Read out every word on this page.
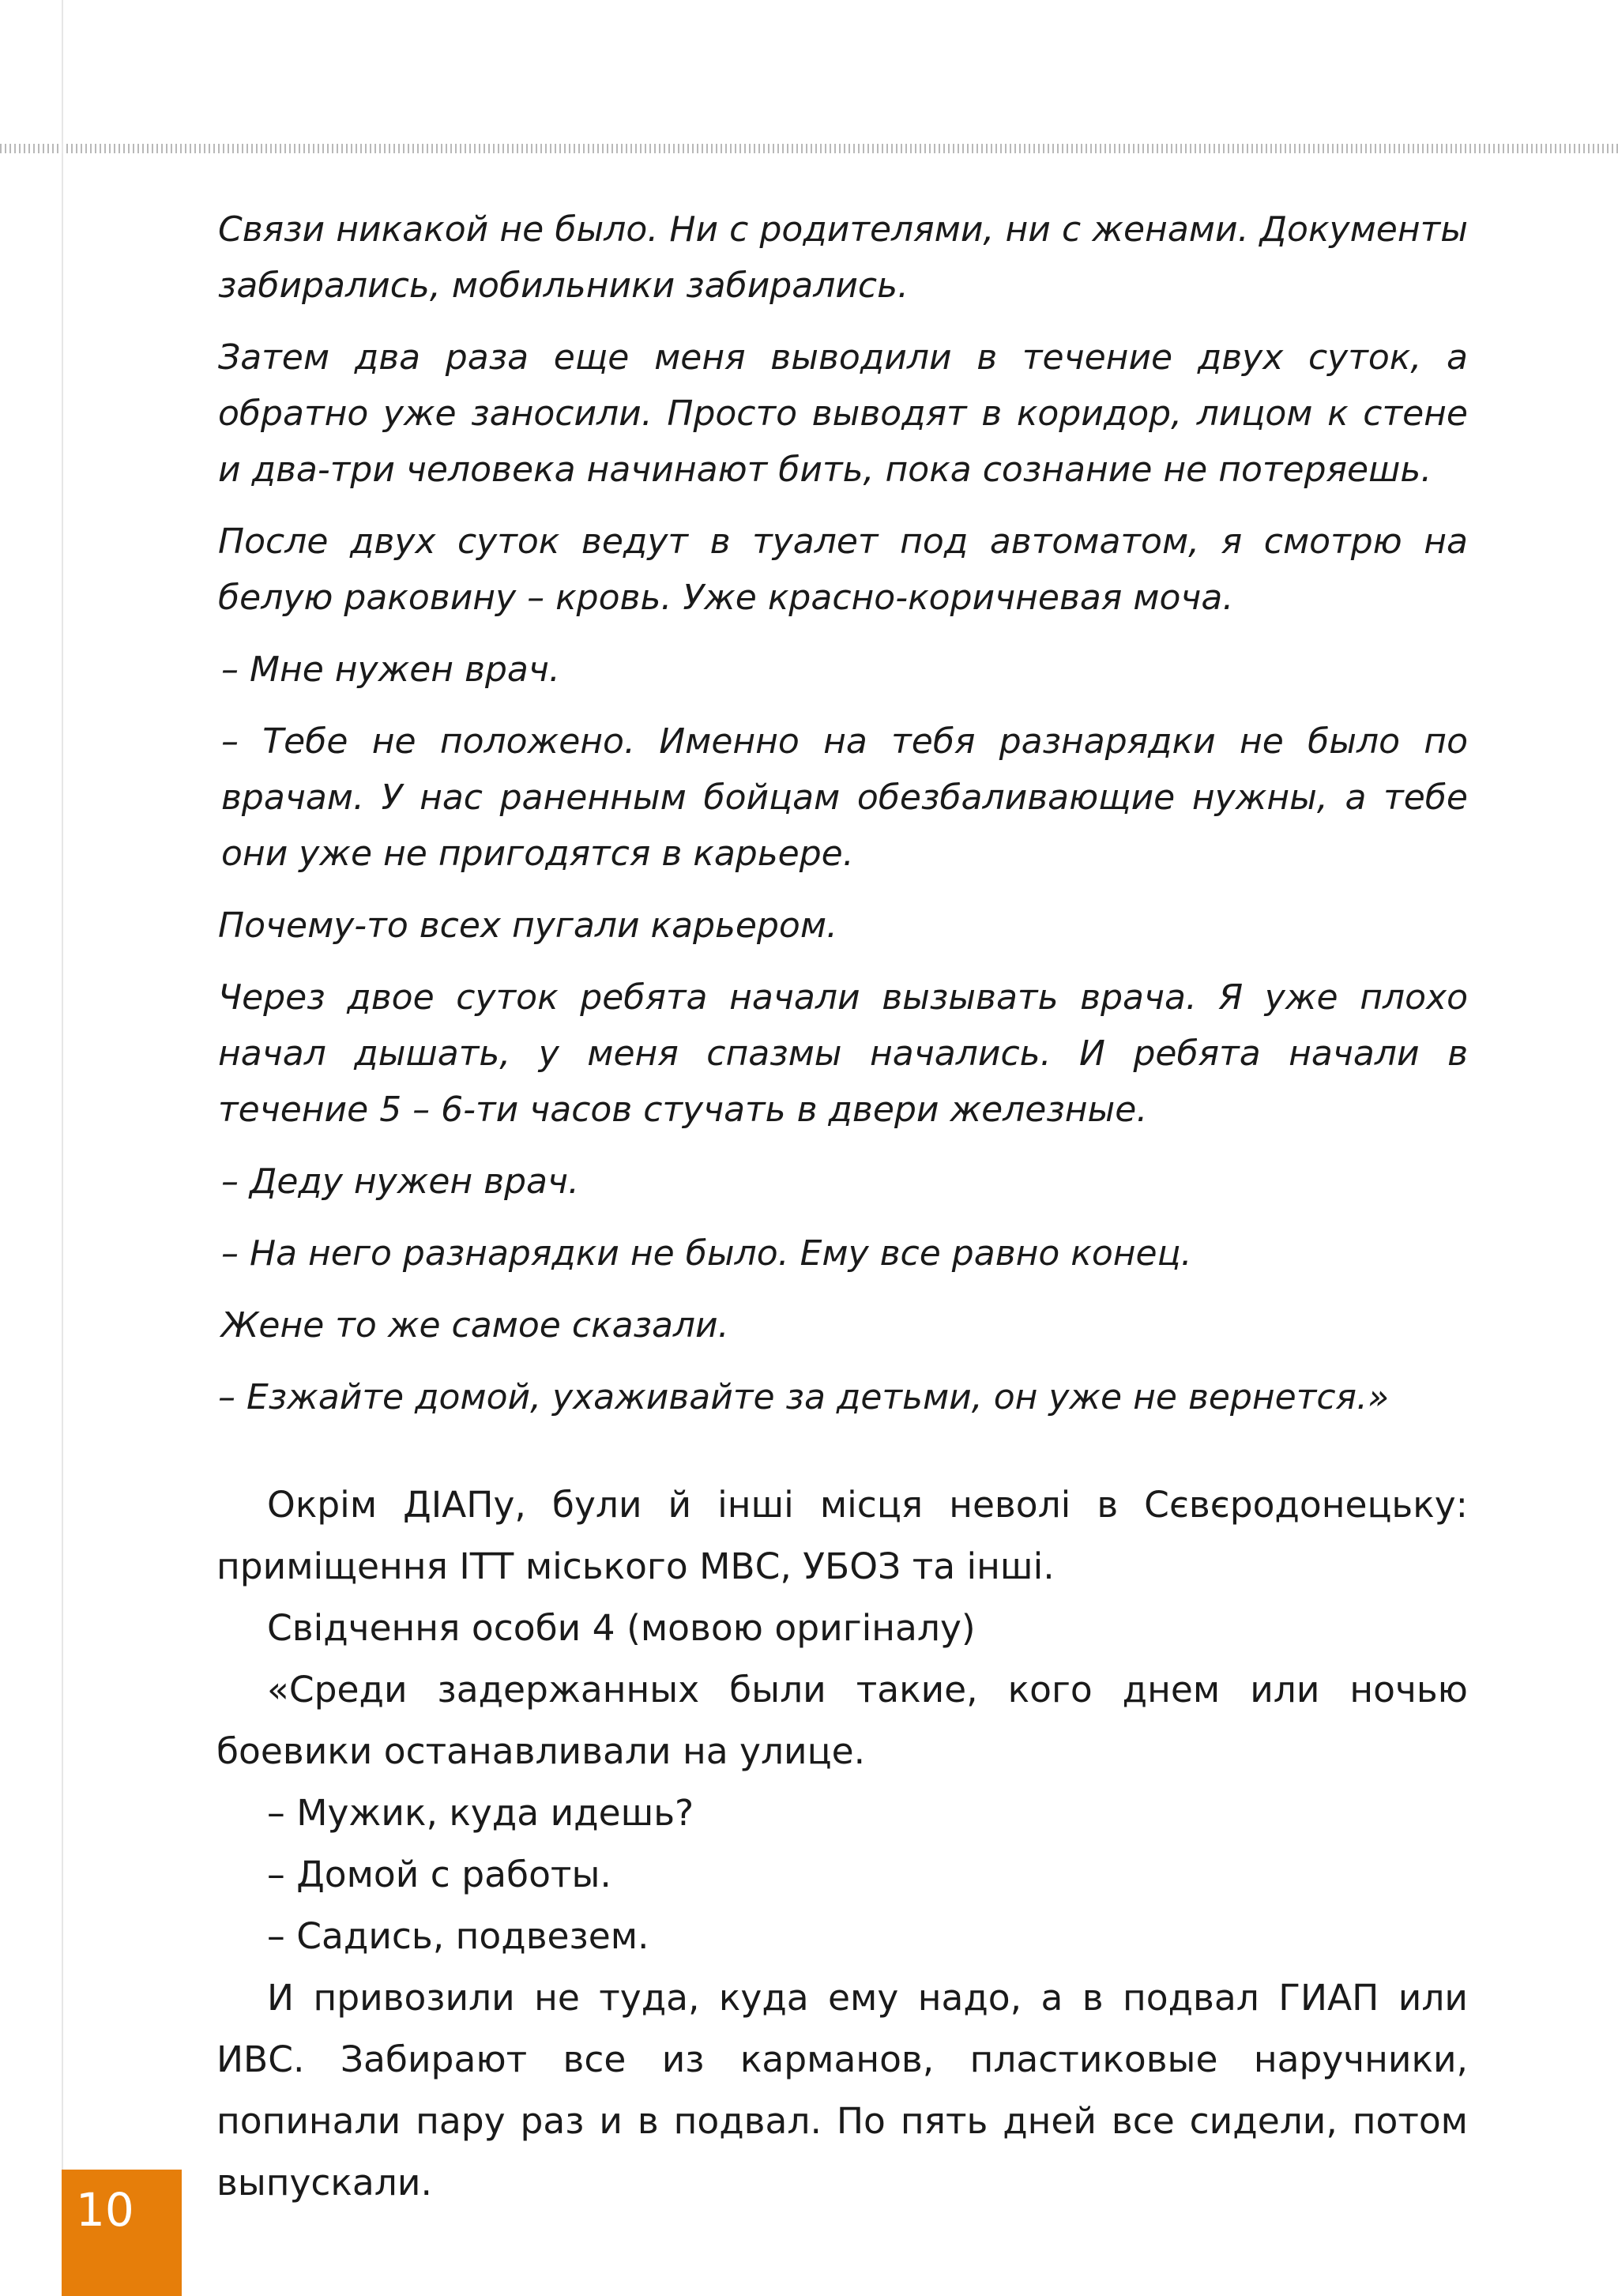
Связи никакой не было. Ни с родителями, ни с женами. Документы забирались, мобильники забирались.

Затем два раза еще меня выводили в течение двух суток, а обратно уже заносили. Просто выводят в коридор, лицом к стене и два-три человека начинают бить, пока сознание не потеряешь.

После двух суток ведут в туалет под автоматом, я смотрю на белую раковину – кровь. Уже красно-коричневая моча.

– Мне нужен врач.

– Тебе не положено. Именно на тебя разнарядки не было по врачам. У нас раненным бойцам обезбаливающие нужны, а тебе они уже не пригодятся в карьере.

Почему-то всех пугали карьером.

Через двое суток ребята начали вызывать врача. Я уже плохо начал дышать, у меня спазмы начались. И ребята начали в течение 5 – 6-ти часов стучать в двери железные.

– Деду нужен врач.

– На него разнарядки не было. Ему все равно конец.

Жене то же самое сказали.

– Езжайте домой, ухаживайте за детьми, он уже не вернется.»

Окрім ДІАПу, були й інші місця неволі в Сєвєродонецьку: приміщення ІТТ міського МВС, УБОЗ та інші.

Свідчення особи 4 (мовою оригіналу)

«Среди задержанных были такие, кого днем или ночью боевики останавливали на улице.

– Мужик, куда идешь?

– Домой с работы.

– Садись, подвезем.

И привозили не туда, куда ему надо, а в подвал ГИАП или ИВС. Забирают все из карманов, пластиковые наручники, попинали пару раз и в подвал. По пять дней все сидели, потом выпускали.

10
